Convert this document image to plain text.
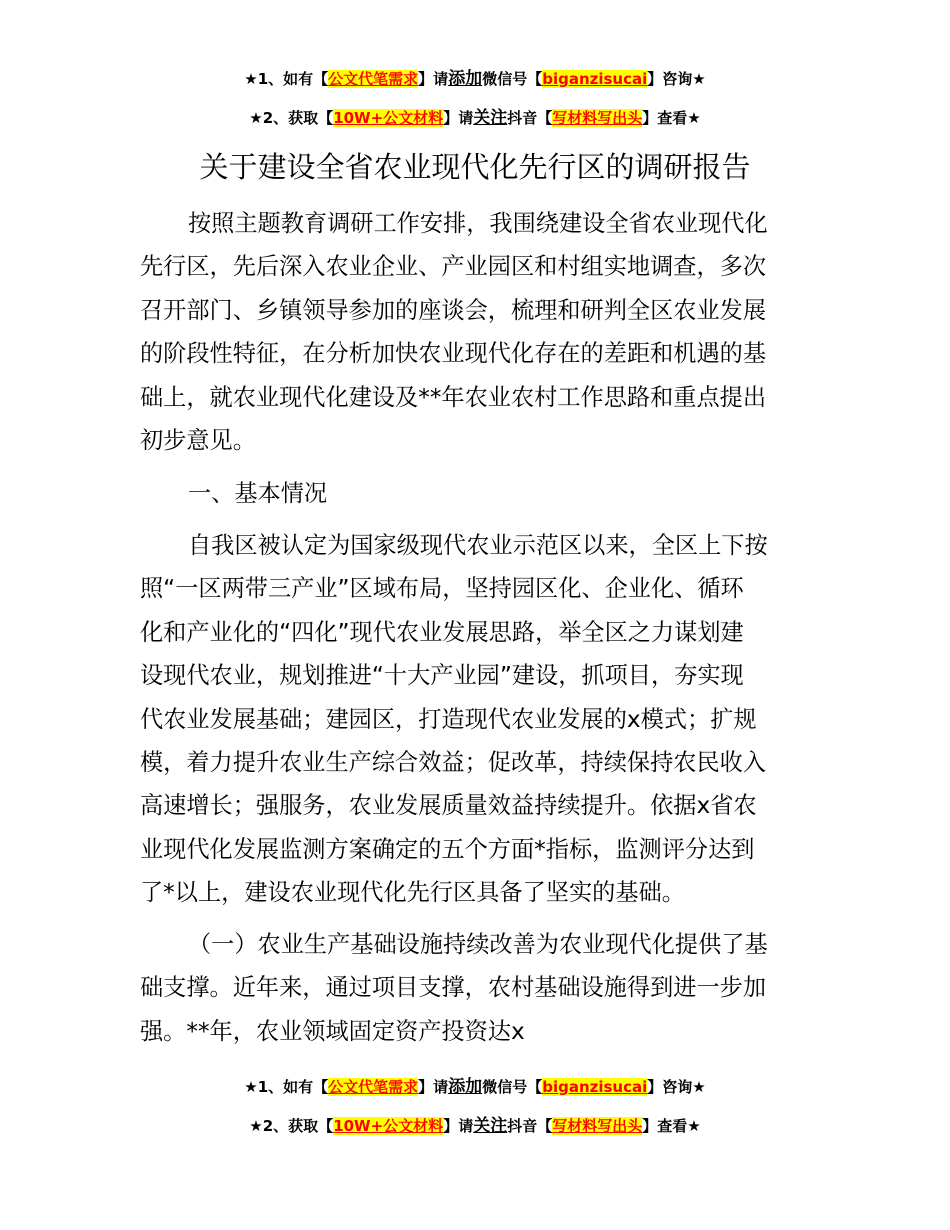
★1、如有【公文代笔需求】请添加微信号【biganzisucai】咨询★
★2、获取【10W+公文材料】请关注抖音【写材料写出头】查看★
关于建设全省农业现代化先行区的调研报告
按照主题教育调研工作安排，我围绕建设全省农业现代化
先行区，先后深入农业企业、产业园区和村组实地调查，多次
召开部门、乡镇领导参加的座谈会，梳理和研判全区农业发展
的阶段性特征，在分析加快农业现代化存在的差距和机遇的基
础上，就农业现代化建设及**年农业农村工作思路和重点提出
初步意见。
一、基本情况
自我区被认定为国家级现代农业示范区以来，全区上下按
照“一区两带三产业”区域布局，坚持园区化、企业化、循环
化和产业化的“四化”现代农业发展思路，举全区之力谋划建
设现代农业，规划推进“十大产业园”建设，抓项目，夯实现
代农业发展基础；建园区，打造现代农业发展的x模式；扩规
模，着力提升农业生产综合效益；促改革，持续保持农民收入
高速增长；强服务，农业发展质量效益持续提升。依据x省农
业现代化发展监测方案确定的五个方面*指标，监测评分达到
了*以上，建设农业现代化先行区具备了坚实的基础。
（一）农业生产基础设施持续改善为农业现代化提供了基
础支撑。近年来，通过项目支撑，农村基础设施得到进一步加
强。**年，农业领域固定资产投资达x
★1、如有【公文代笔需求】请添加微信号【biganzisucai】咨询★
★2、获取【10W+公文材料】请关注抖音【写材料写出头】查看★
